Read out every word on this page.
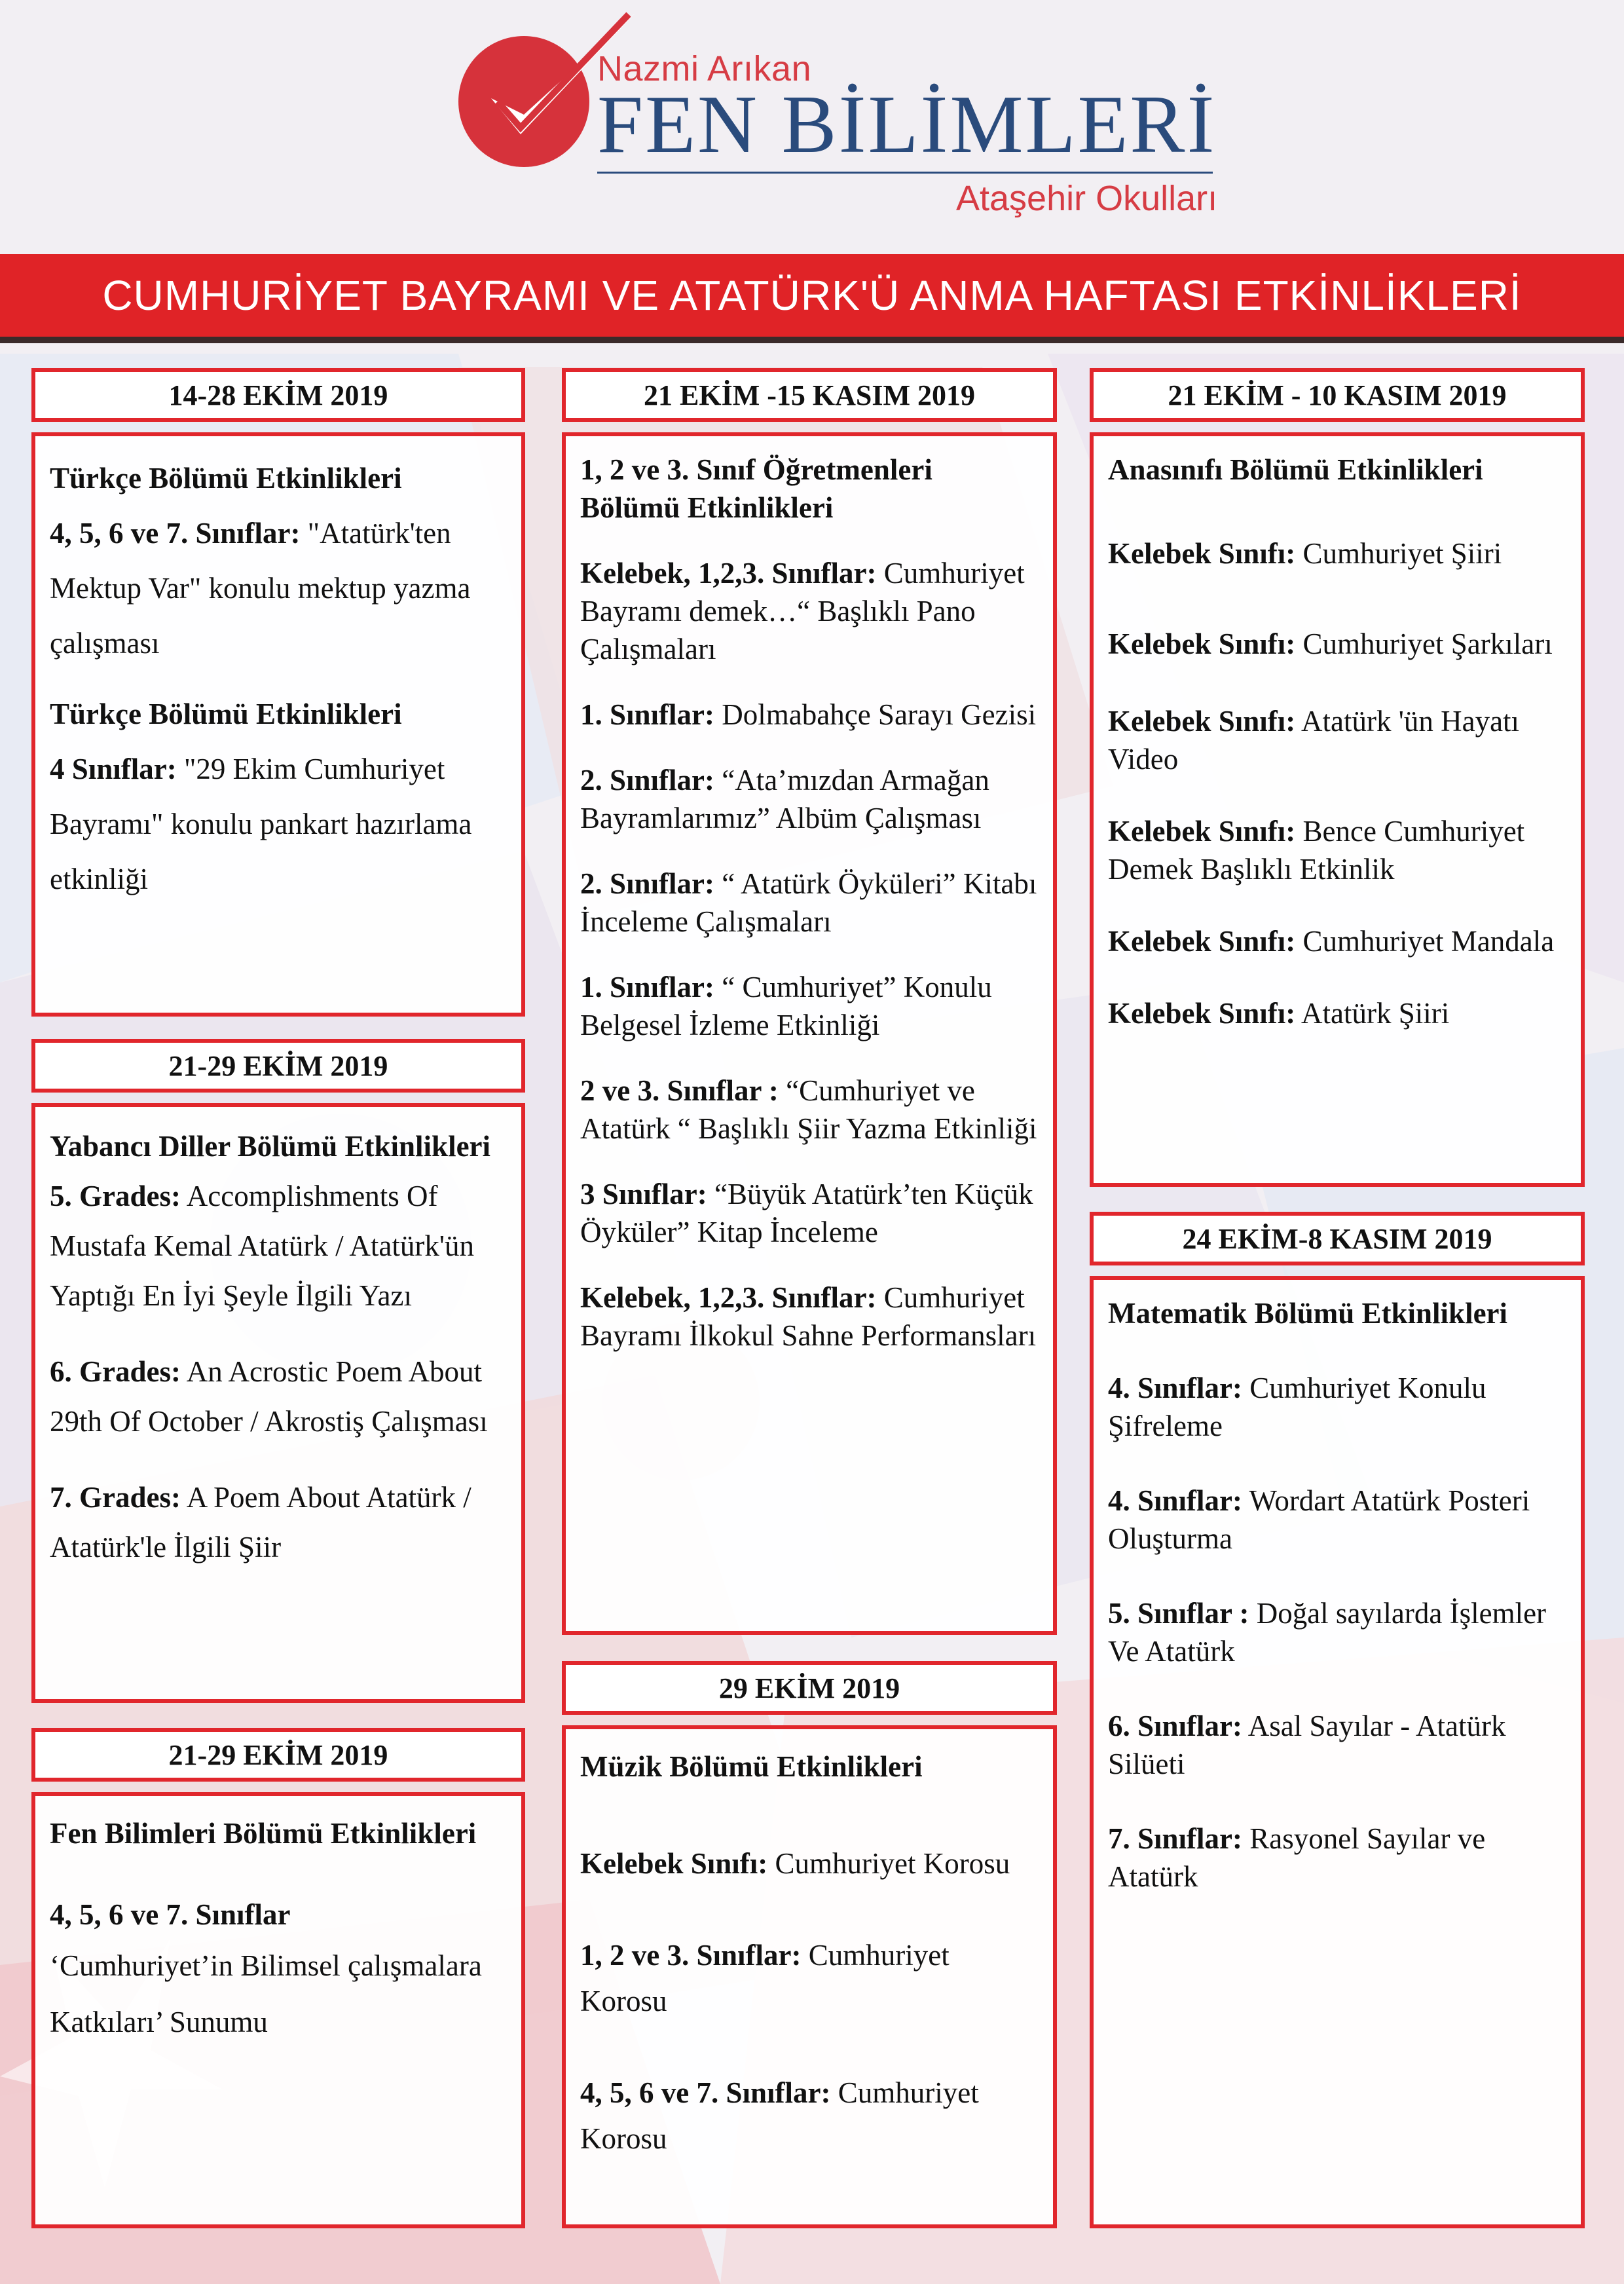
Nazmi Arıkan
FEN BİLİMLERİ
Ataşehir Okulları
CUMHURİYET BAYRAMI VE ATATÜRK'Ü ANMA HAFTASI ETKİNLİKLERİ
14-28 EKİM 2019
Türkçe Bölümü Etkinlikleri
4, 5, 6 ve 7. Sınıflar: "Atatürk'ten Mektup Var" konulu mektup yazma çalışması
Türkçe Bölümü Etkinlikleri
4 Sınıflar: "29 Ekim Cumhuriyet Bayramı" konulu pankart hazırlama etkinliği
21-29 EKİM 2019
Yabancı Diller Bölümü Etkinlikleri
5. Grades: Accomplishments Of Mustafa Kemal Atatürk / Atatürk'ün Yaptığı En İyi Şeyle İlgili Yazı
6. Grades: An Acrostic Poem About 29th Of October / Akrostiş Çalışması
7. Grades: A Poem About Atatürk / Atatürk'le İlgili Şiir
21-29 EKİM 2019
Fen Bilimleri Bölümü Etkinlikleri
4, 5, 6 ve 7. Sınıflar
‘Cumhuriyet’in Bilimsel çalışmalara Katkıları’ Sunumu
21 EKİM -15 KASIM 2019

1, 2 ve 3. Sınıf Öğretmenleri Bölümü Etkinlikleri

Kelebek, 1,2,3. Sınıflar: Cumhuriyet Bayramı demek…“ Başlıklı Pano Çalışmaları

1. Sınıflar: Dolmabahçe Sarayı Gezisi

2. Sınıflar: “Ata’mızdan Armağan Bayramlarımız” Albüm Çalışması

2. Sınıflar: “ Atatürk Öyküleri” Kitabı İnceleme Çalışmaları

1. Sınıflar: “ Cumhuriyet” Konulu Belgesel İzleme Etkinliği

2 ve 3. Sınıflar : “Cumhuriyet ve Atatürk “ Başlıklı Şiir Yazma Etkinliği

3 Sınıflar: “Büyük Atatürk’ten Küçük Öyküler” Kitap İnceleme

Kelebek, 1,2,3. Sınıflar: Cumhuriyet Bayramı İlkokul Sahne Performansları

29 EKİM 2019
Müzik Bölümü Etkinlikleri
Kelebek Sınıfı: Cumhuriyet Korosu
1, 2 ve 3. Sınıflar: Cumhuriyet Korosu
4, 5, 6 ve 7. Sınıflar: Cumhuriyet Korosu
21 EKİM - 10 KASIM 2019

Anasınıfı Bölümü Etkinlikleri

Kelebek Sınıfı: Cumhuriyet Şiiri

Kelebek Sınıfı: Cumhuriyet Şarkıları

Kelebek Sınıfı: Atatürk 'ün Hayatı Video

Kelebek Sınıfı: Bence Cumhuriyet Demek Başlıklı Etkinlik

Kelebek Sınıfı: Cumhuriyet Mandala

Kelebek Sınıfı: Atatürk Şiiri

24 EKİM-8 KASIM 2019

Matematik Bölümü Etkinlikleri

4. Sınıflar: Cumhuriyet Konulu Şifreleme

4. Sınıflar: Wordart Atatürk Posteri Oluşturma

5. Sınıflar : Doğal sayılarda İşlemler Ve Atatürk

6. Sınıflar: Asal Sayılar - Atatürk Silüeti

7. Sınıflar: Rasyonel Sayılar ve Atatürk
